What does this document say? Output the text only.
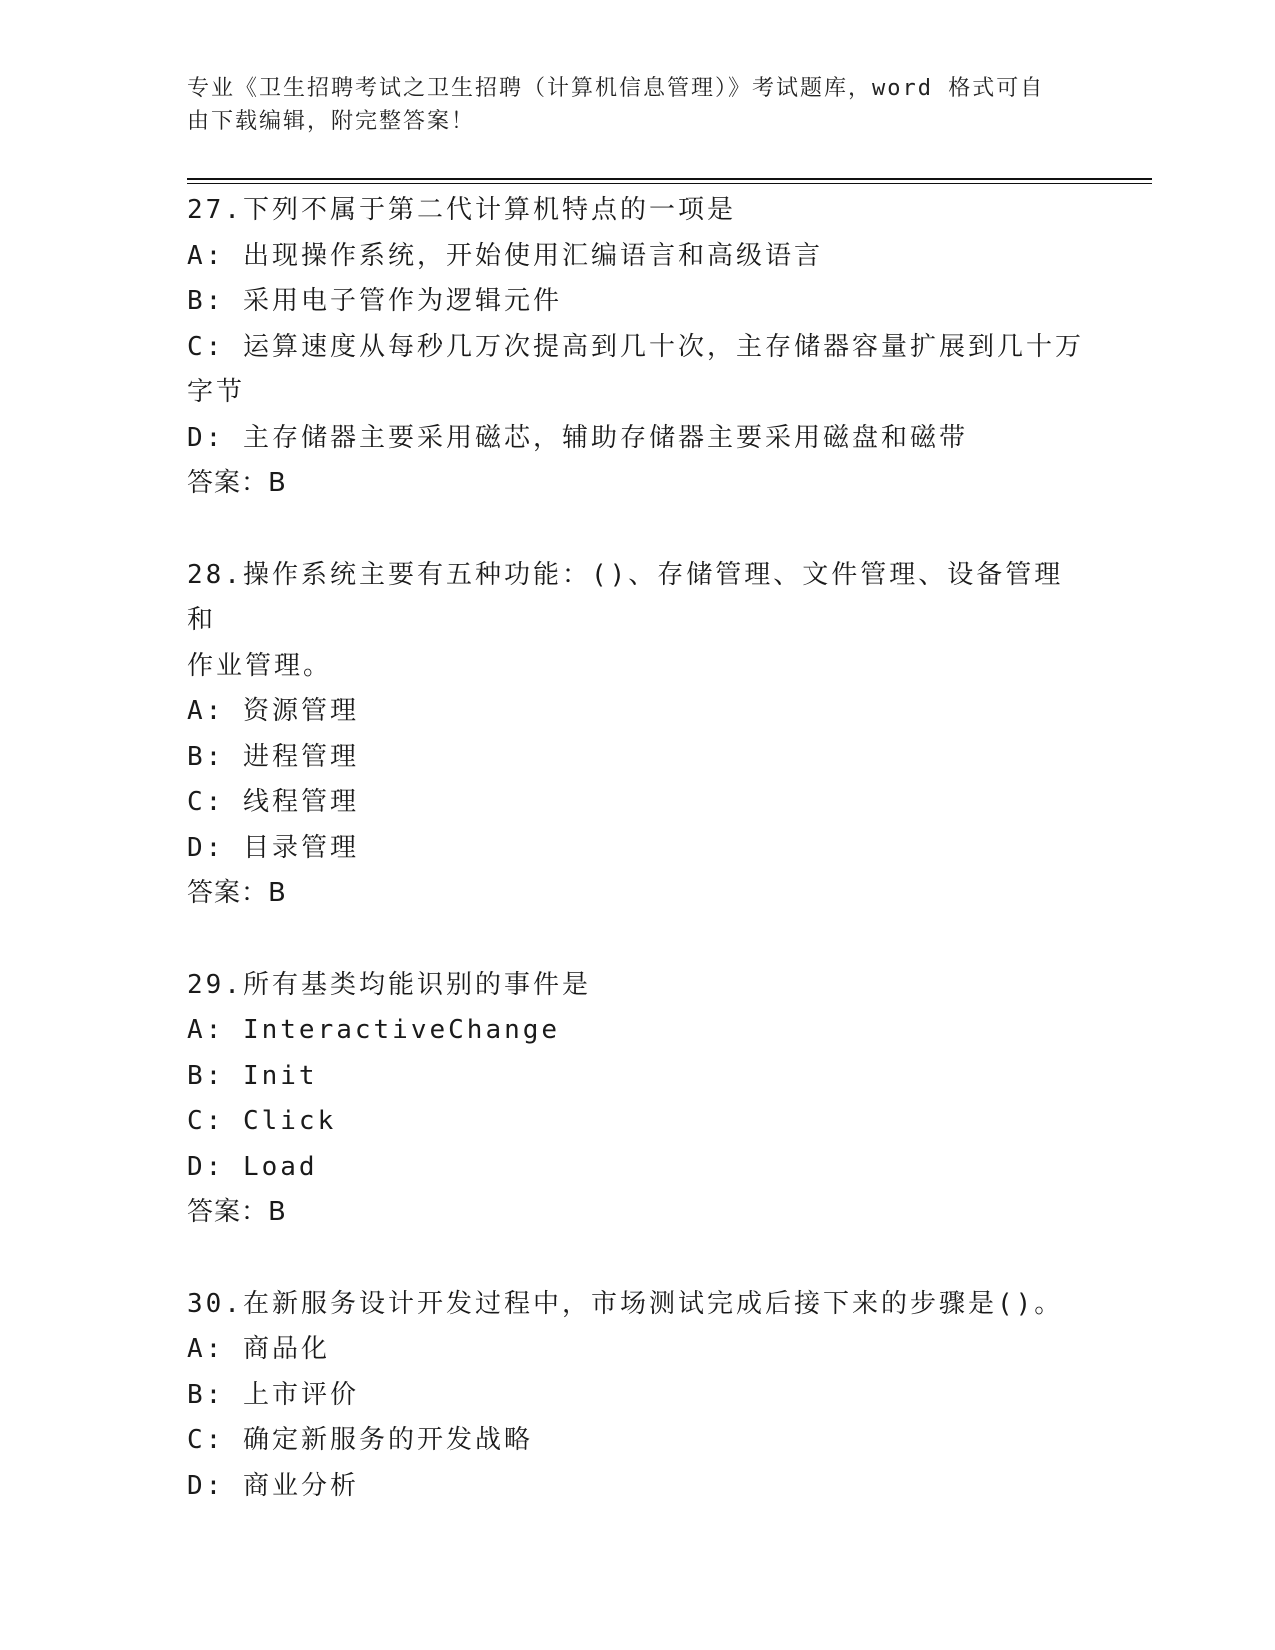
专业《卫生招聘考试之卫生招聘（计算机信息管理）》考试题库，word 格式可自
由下载编辑，附完整答案！
27.下列不属于第二代计算机特点的一项是
A: 出现操作系统，开始使用汇编语言和高级语言
B: 采用电子管作为逻辑元件
C: 运算速度从每秒几万次提高到几十次，主存储器容量扩展到几十万
字节
D: 主存储器主要采用磁芯，辅助存储器主要采用磁盘和磁带
答案：B
28.操作系统主要有五种功能：()、存储管理、文件管理、设备管理和
作业管理。
A: 资源管理
B: 进程管理
C: 线程管理
D: 目录管理
答案：B
29.所有基类均能识别的事件是
A: InteractiveChange
B: Init
C: Click
D: Load
答案：B
30.在新服务设计开发过程中，市场测试完成后接下来的步骤是()。
A: 商品化
B: 上市评价
C: 确定新服务的开发战略
D: 商业分析
